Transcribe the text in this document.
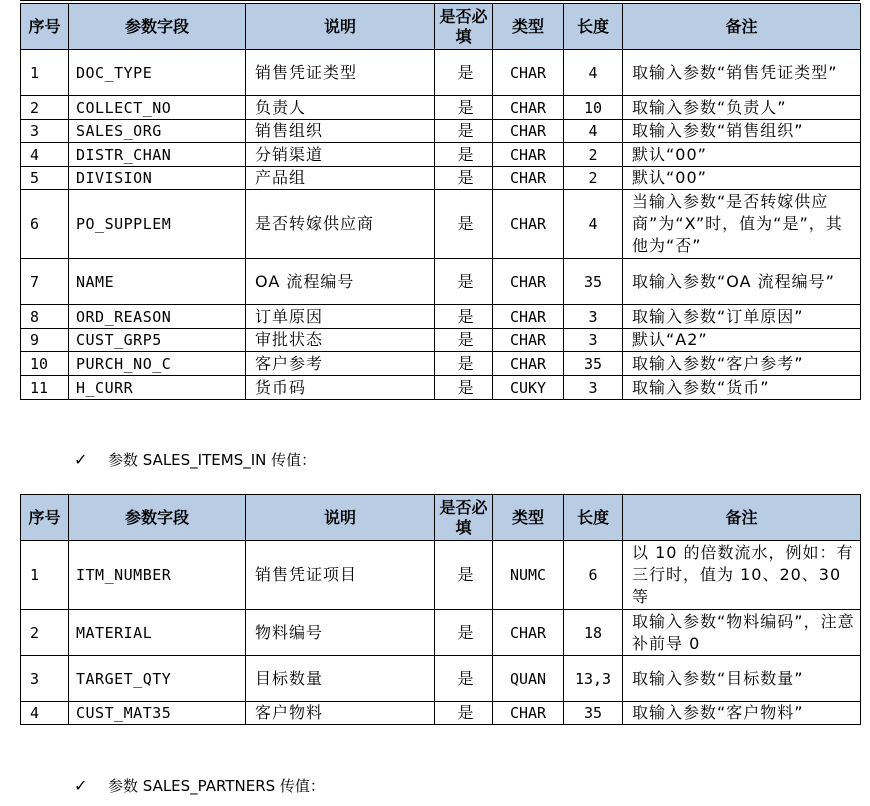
序号	参数字段	说明	是否必填	类型	长度	备注
1	DOC_TYPE	销售凭证类型	是	CHAR	4	取输入参数“销售凭证类型”
2	COLLECT_NO	负责人	是	CHAR	10	取输入参数“负责人”
3	SALES_ORG	销售组织	是	CHAR	4	取输入参数“销售组织”
4	DISTR_CHAN	分销渠道	是	CHAR	2	默认“00”
5	DIVISION	产品组	是	CHAR	2	默认“00”
6	PO_SUPPLEM	是否转嫁供应商	是	CHAR	4	当输入参数“是否转嫁供应商”为“X”时，值为“是”，其他为“否”
7	NAME	OA 流程编号	是	CHAR	35	取输入参数“OA 流程编号”
8	ORD_REASON	订单原因	是	CHAR	3	取输入参数“订单原因”
9	CUST_GRP5	审批状态	是	CHAR	3	默认“A2”
10	PURCH_NO_C	客户参考	是	CHAR	35	取输入参数“客户参考”
11	H_CURR	货币码	是	CUKY	3	取输入参数“货币”
✓ 参数 SALES_ITEMS_IN 传值：
序号	参数字段	说明	是否必填	类型	长度	备注
1	ITM_NUMBER	销售凭证项目	是	NUMC	6	以 10 的倍数流水，例如：有三行时，值为 10、20、30 等
2	MATERIAL	物料编号	是	CHAR	18	取输入参数“物料编码”，注意补前导 0
3	TARGET_QTY	目标数量	是	QUAN	13,3	取输入参数“目标数量”
4	CUST_MAT35	客户物料	是	CHAR	35	取输入参数“客户物料”
✓ 参数 SALES_PARTNERS 传值：
